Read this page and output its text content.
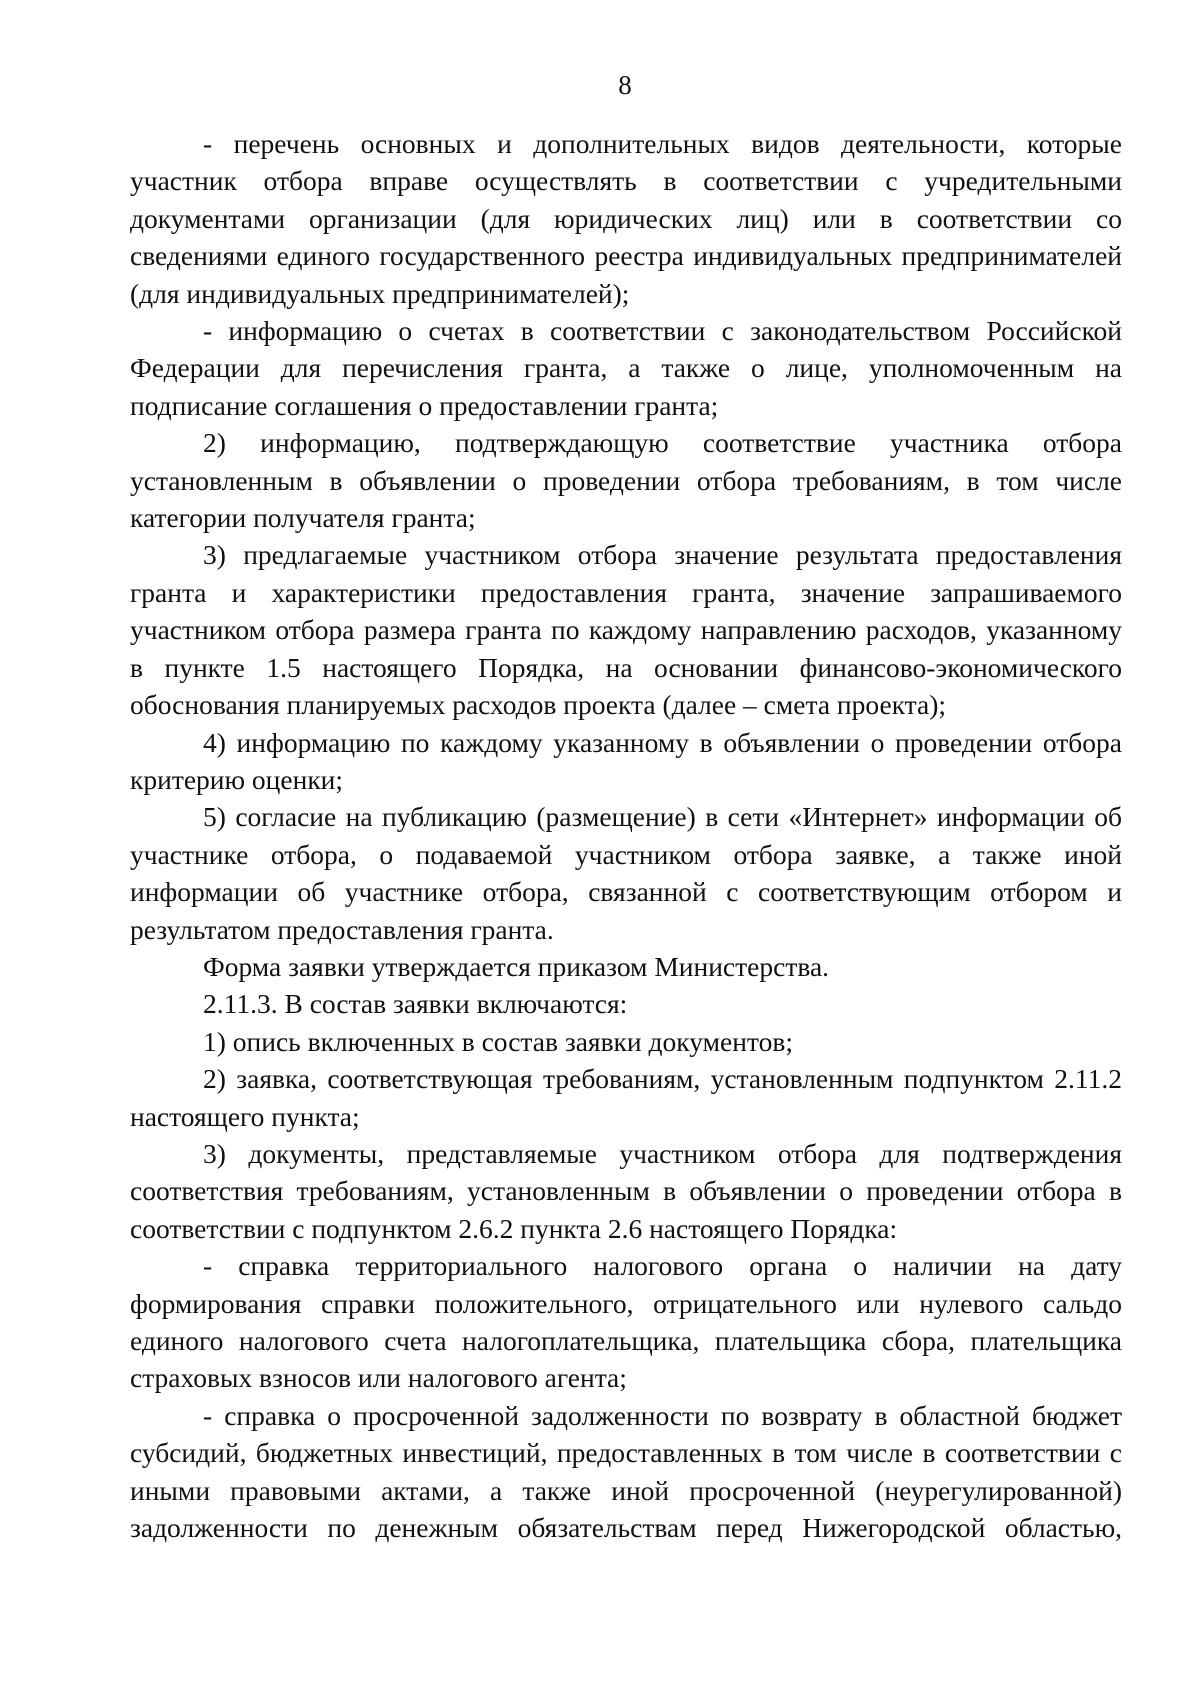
8

- перечень основных и дополнительных видов деятельности, которые участник отбора вправе осуществлять в соответствии с учредительными документами организации (для юридических лиц) или в соответствии со сведениями единого государственного реестра индивидуальных предпринимателей (для индивидуальных предпринимателей);

- информацию о счетах в соответствии с законодательством Российской Федерации для перечисления гранта, а также о лице, уполномоченным на подписание соглашения о предоставлении гранта;

2) информацию, подтверждающую соответствие участника отбора установленным в объявлении о проведении отбора требованиям, в том числе категории получателя гранта;

3) предлагаемые участником отбора значение результата предоставления гранта и характеристики предоставления гранта, значение запрашиваемого участником отбора размера гранта по каждому направлению расходов, указанному в пункте 1.5 настоящего Порядка, на основании финансово-экономического обоснования планируемых расходов проекта (далее – смета проекта);

4) информацию по каждому указанному в объявлении о проведении отбора критерию оценки;

5) согласие на публикацию (размещение) в сети «Интернет» информации об участнике отбора, о подаваемой участником отбора заявке, а также иной информации об участнике отбора, связанной с соответствующим отбором и результатом предоставления гранта.

Форма заявки утверждается приказом Министерства.

2.11.3. В состав заявки включаются:

1) опись включенных в состав заявки документов;

2) заявка, соответствующая требованиям, установленным подпунктом 2.11.2 настоящего пункта;

3) документы, представляемые участником отбора для подтверждения соответствия требованиям, установленным в объявлении о проведении отбора в соответствии с подпунктом 2.6.2 пункта 2.6 настоящего Порядка:

- справка территориального налогового органа о наличии на дату формирования справки положительного, отрицательного или нулевого сальдо единого налогового счета налогоплательщика, плательщика сбора, плательщика страховых взносов или налогового агента;

- справка о просроченной задолженности по возврату в областной бюджет субсидий, бюджетных инвестиций, предоставленных в том числе в соответствии с иными правовыми актами, а также иной просроченной (неурегулированной) задолженности по денежным обязательствам перед Нижегородской областью,
